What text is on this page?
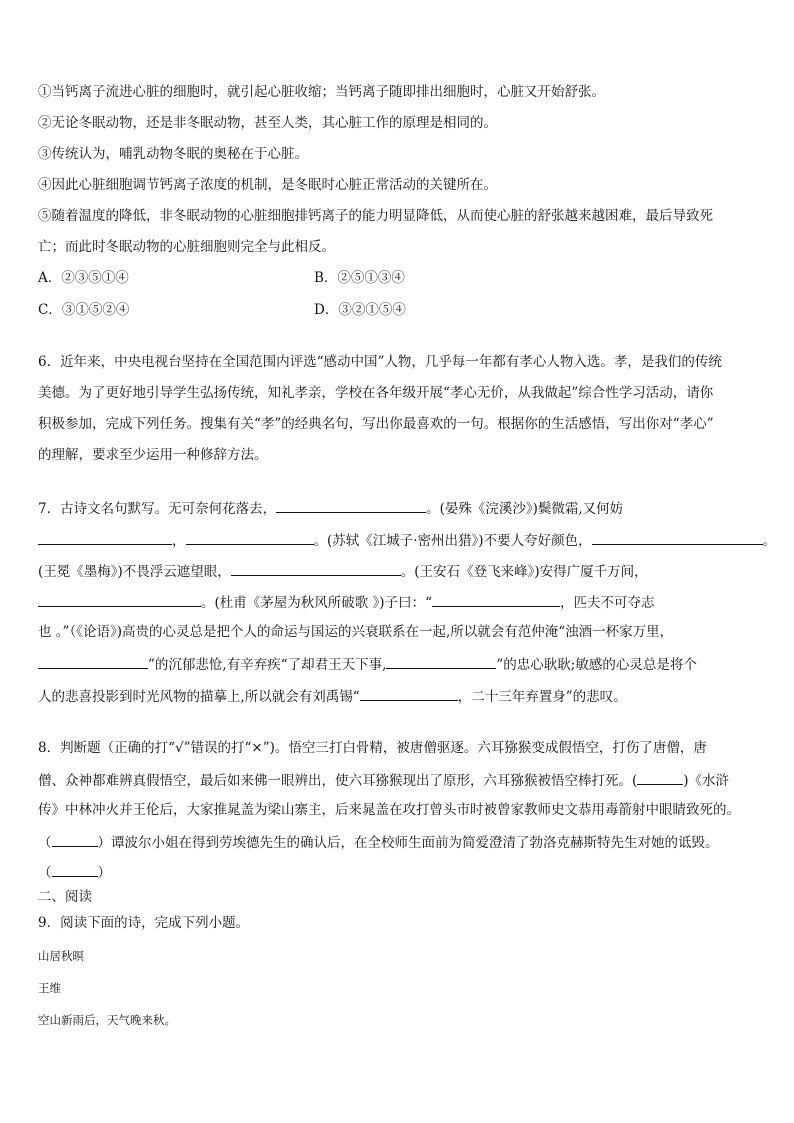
①当钙离子流进心脏的细胞时，就引起心脏收缩；当钙离子随即排出细胞时，心脏又开始舒张。
②无论冬眠动物，还是非冬眠动物，甚至人类，其心脏工作的原理是相同的。
③传统认为，哺乳动物冬眠的奥秘在于心脏。
④因此心脏细胞调节钙离子浓度的机制，是冬眠时心脏正常活动的关键所在。
⑤随着温度的降低，非冬眠动物的心脏细胞排钙离子的能力明显降低，从而使心脏的舒张越来越困难，最后导致死
亡；而此时冬眠动物的心脏细胞则完全与此相反。
A．②③⑤①④	B．②⑤①③④
C．③①⑤②④	D．③②①⑤④
6．近年来，中央电视台坚持在全国范围内评选“感动中国”人物，几乎每一年都有孝心人物入选。孝，是我们的传统
美德。为了更好地引导学生弘扬传统，知礼孝亲，学校在各年级开展“孝心无价，从我做起”综合性学习活动，请你
积极参加，完成下列任务。搜集有关“孝”的经典名句，写出你最喜欢的一句。根据你的生活感悟，写出你对“孝心”
的理解，要求至少运用一种修辞方法。
7．古诗文名句默写。无可奈何花落去，	。(晏殊《浣溪沙》)鬓微霜,又何妨
，	。(苏轼《江城子·密州出猎》)不要人夸好颜色，	。
(王冕《墨梅》)不畏浮云遮望眼，	。(王安石《登飞来峰》)安得广厦千万间，
。(杜甫《茅屋为秋风所破歌 》)子曰：“	，匹夫不可夺志
也 。”（《论语》)高贵的心灵总是把个人的命运与国运的兴衰联系在一起,所以就会有范仲淹“浊酒一杯家万里，
”的沉郁悲怆,有辛弃疾“了却君王天下事,	”的忠心耿耿;敏感的心灵总是将个
人的悲喜投影到时光风物的描摹上,所以就会有刘禹锡“	，二十三年弃置身”的悲叹。
8．判断题（正确的打“√”错误的打“×”)。悟空三打白骨精，被唐僧驱逐。六耳猕猴变成假悟空，打伤了唐僧，唐
僧、众神都难辨真假悟空，最后如来佛一眼辨出，使六耳猕猴现出了原形，六耳猕猴被悟空棒打死。(	)《水浒
传》中林冲火并王伦后，大家推晁盖为梁山寨主，后来晁盖在攻打曾头市时被曾家教师史文恭用毒箭射中眼睛致死的。
（	）谭波尔小姐在得到劳埃德先生的确认后，在全校师生面前为简爱澄清了勃洛克赫斯特先生对她的诋毁。
（	）
二、阅读
9．阅读下面的诗，完成下列小题。
山居秋暝
王维
空山新雨后，天气晚来秋。
